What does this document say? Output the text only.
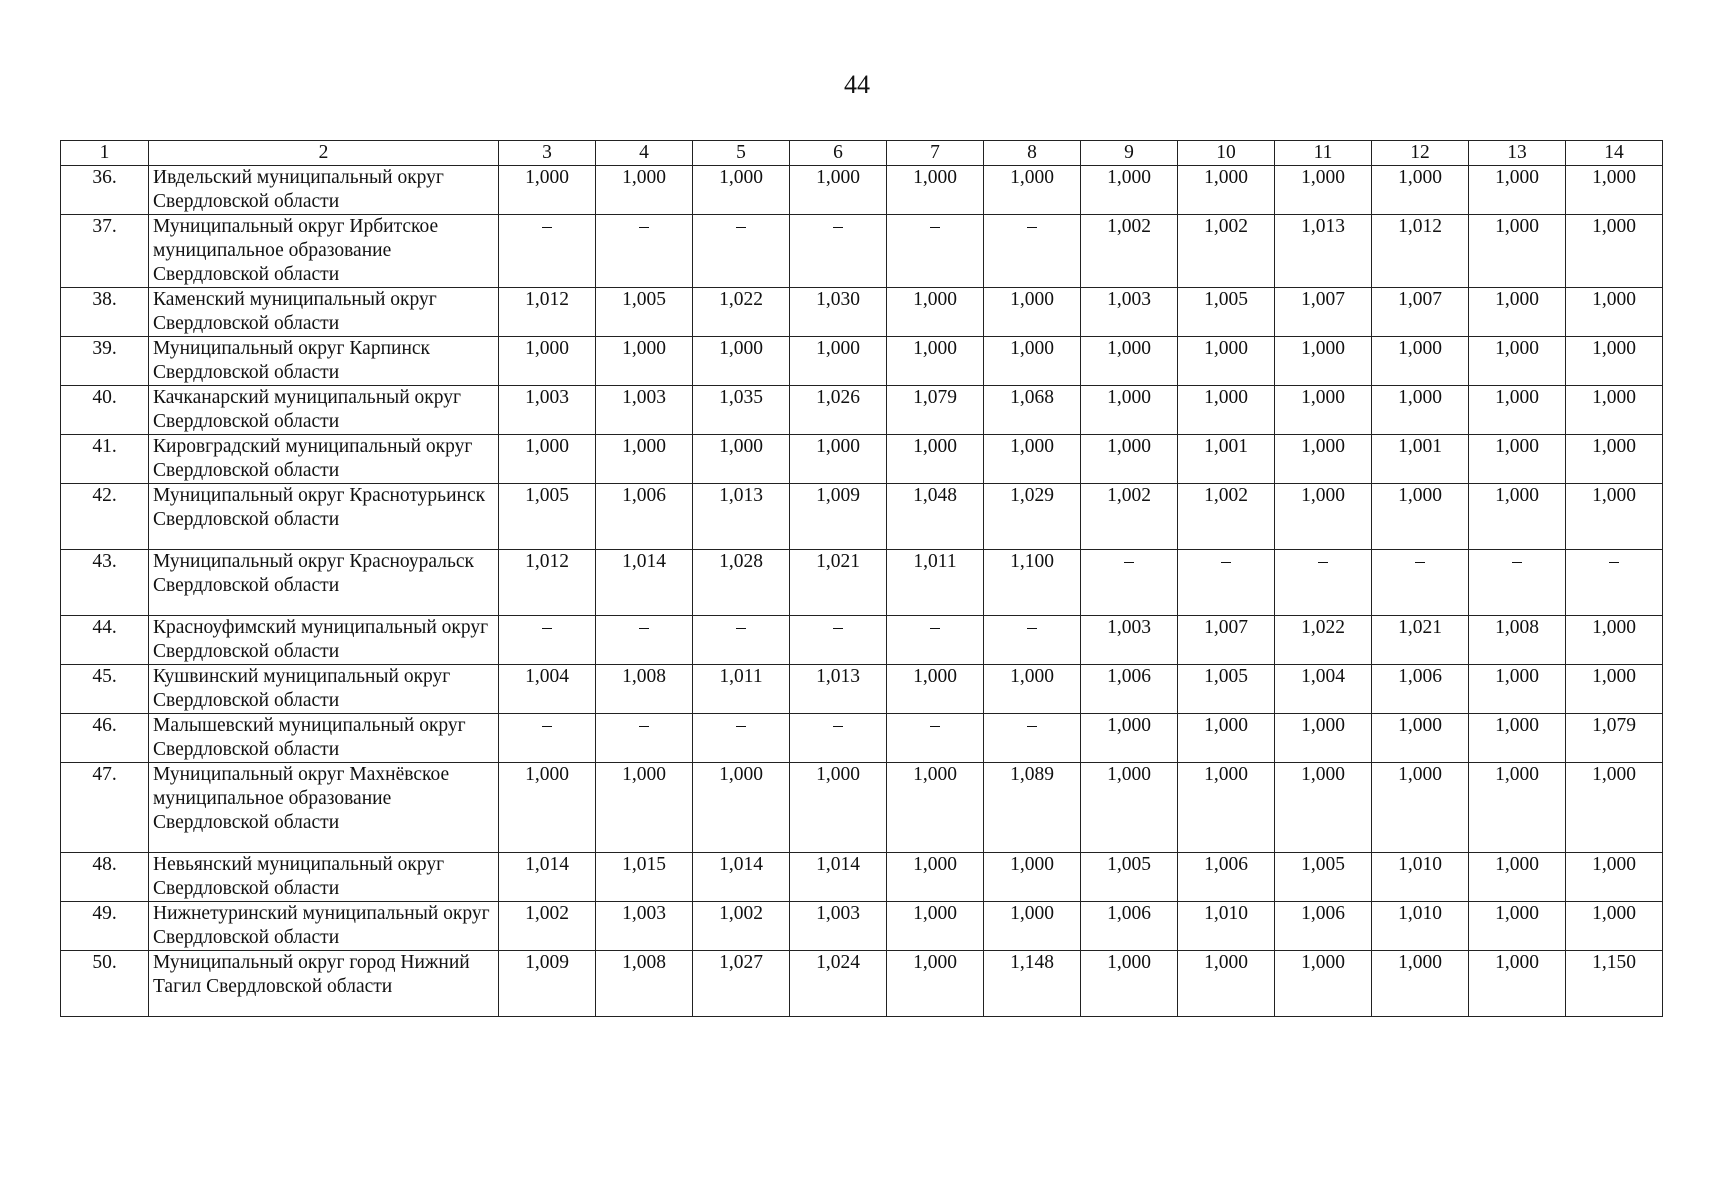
44
1	2	3	4	5	6	7	8	9	10	11	12	13	14
36.	Ивдельский муниципальный округ Свердловской области	1,000	1,000	1,000	1,000	1,000	1,000	1,000	1,000	1,000	1,000	1,000	1,000
37.	Муниципальный округ Ирбитское муниципальное образование Свердловской области	–	–	–	–	–	–	1,002	1,002	1,013	1,012	1,000	1,000
38.	Каменский муниципальный округ Свердловской области	1,012	1,005	1,022	1,030	1,000	1,000	1,003	1,005	1,007	1,007	1,000	1,000
39.	Муниципальный округ Карпинск Свердловской области	1,000	1,000	1,000	1,000	1,000	1,000	1,000	1,000	1,000	1,000	1,000	1,000
40.	Качканарский муниципальный округ Свердловской области	1,003	1,003	1,035	1,026	1,079	1,068	1,000	1,000	1,000	1,000	1,000	1,000
41.	Кировградский муниципальный округ Свердловской области	1,000	1,000	1,000	1,000	1,000	1,000	1,000	1,001	1,000	1,001	1,000	1,000
42.	Муниципальный округ Краснотурьинск Свердловской области	1,005	1,006	1,013	1,009	1,048	1,029	1,002	1,002	1,000	1,000	1,000	1,000
43.	Муниципальный округ Красноуральск Свердловской области	1,012	1,014	1,028	1,021	1,011	1,100	–	–	–	–	–	–
44.	Красноуфимский муниципальный округ Свердловской области	–	–	–	–	–	–	1,003	1,007	1,022	1,021	1,008	1,000
45.	Кушвинский муниципальный округ Свердловской области	1,004	1,008	1,011	1,013	1,000	1,000	1,006	1,005	1,004	1,006	1,000	1,000
46.	Малышевский муниципальный округ Свердловской области	–	–	–	–	–	–	1,000	1,000	1,000	1,000	1,000	1,079
47.	Муниципальный округ Махнёвское муниципальное образование Свердловской области	1,000	1,000	1,000	1,000	1,000	1,089	1,000	1,000	1,000	1,000	1,000	1,000
48.	Невьянский муниципальный округ Свердловской области	1,014	1,015	1,014	1,014	1,000	1,000	1,005	1,006	1,005	1,010	1,000	1,000
49.	Нижнетуринский муниципальный округ Свердловской области	1,002	1,003	1,002	1,003	1,000	1,000	1,006	1,010	1,006	1,010	1,000	1,000
50.	Муниципальный округ город Нижний Тагил Свердловской области	1,009	1,008	1,027	1,024	1,000	1,148	1,000	1,000	1,000	1,000	1,000	1,150
